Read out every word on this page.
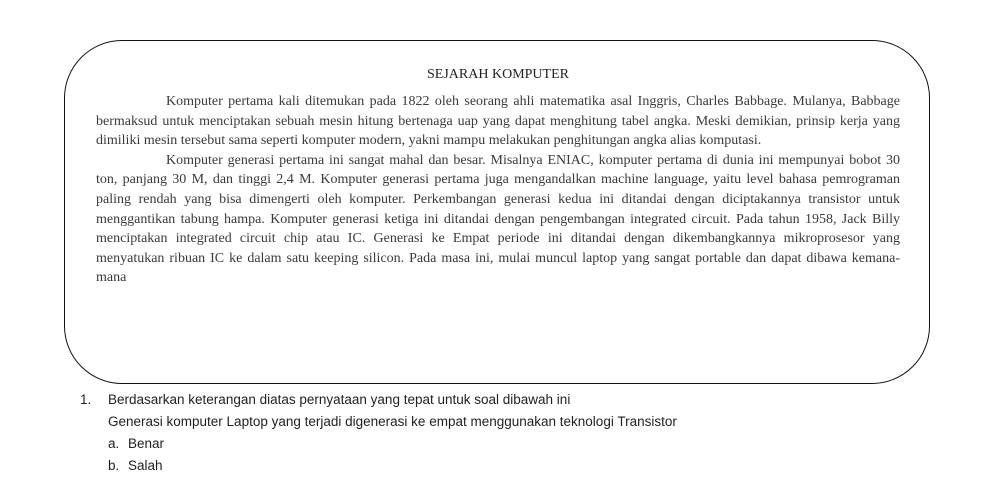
SEJARAH KOMPUTER

Komputer pertama kali ditemukan pada 1822 oleh seorang ahli matematika asal Inggris, Charles Babbage. Mulanya, Babbage bermaksud untuk menciptakan sebuah mesin hitung bertenaga uap yang dapat menghitung tabel angka. Meski demikian, prinsip kerja yang dimiliki mesin tersebut sama seperti komputer modern, yakni mampu melakukan penghitungan angka alias komputasi.

Komputer generasi pertama ini sangat mahal dan besar. Misalnya ENIAC, komputer pertama di dunia ini mempunyai bobot 30 ton, panjang 30 M, dan tinggi 2,4 M. Komputer generasi pertama juga mengandalkan machine language, yaitu level bahasa pemrograman paling rendah yang bisa dimengerti oleh komputer. Perkembangan generasi kedua ini ditandai dengan diciptakannya transistor untuk menggantikan tabung hampa. Komputer generasi ketiga ini ditandai dengan pengembangan integrated circuit. Pada tahun 1958, Jack Billy menciptakan integrated circuit chip atau IC. Generasi ke Empat periode ini ditandai dengan dikembangkannya mikroprosesor yang menyatukan ribuan IC ke dalam satu keeping silicon. Pada masa ini, mulai muncul laptop yang sangat portable dan dapat dibawa kemana-mana

1. Berdasarkan keterangan diatas pernyataan yang tepat untuk soal dibawah ini
Generasi komputer Laptop yang terjadi digenerasi ke empat menggunakan teknologi Transistor
a. Benar
b. Salah
